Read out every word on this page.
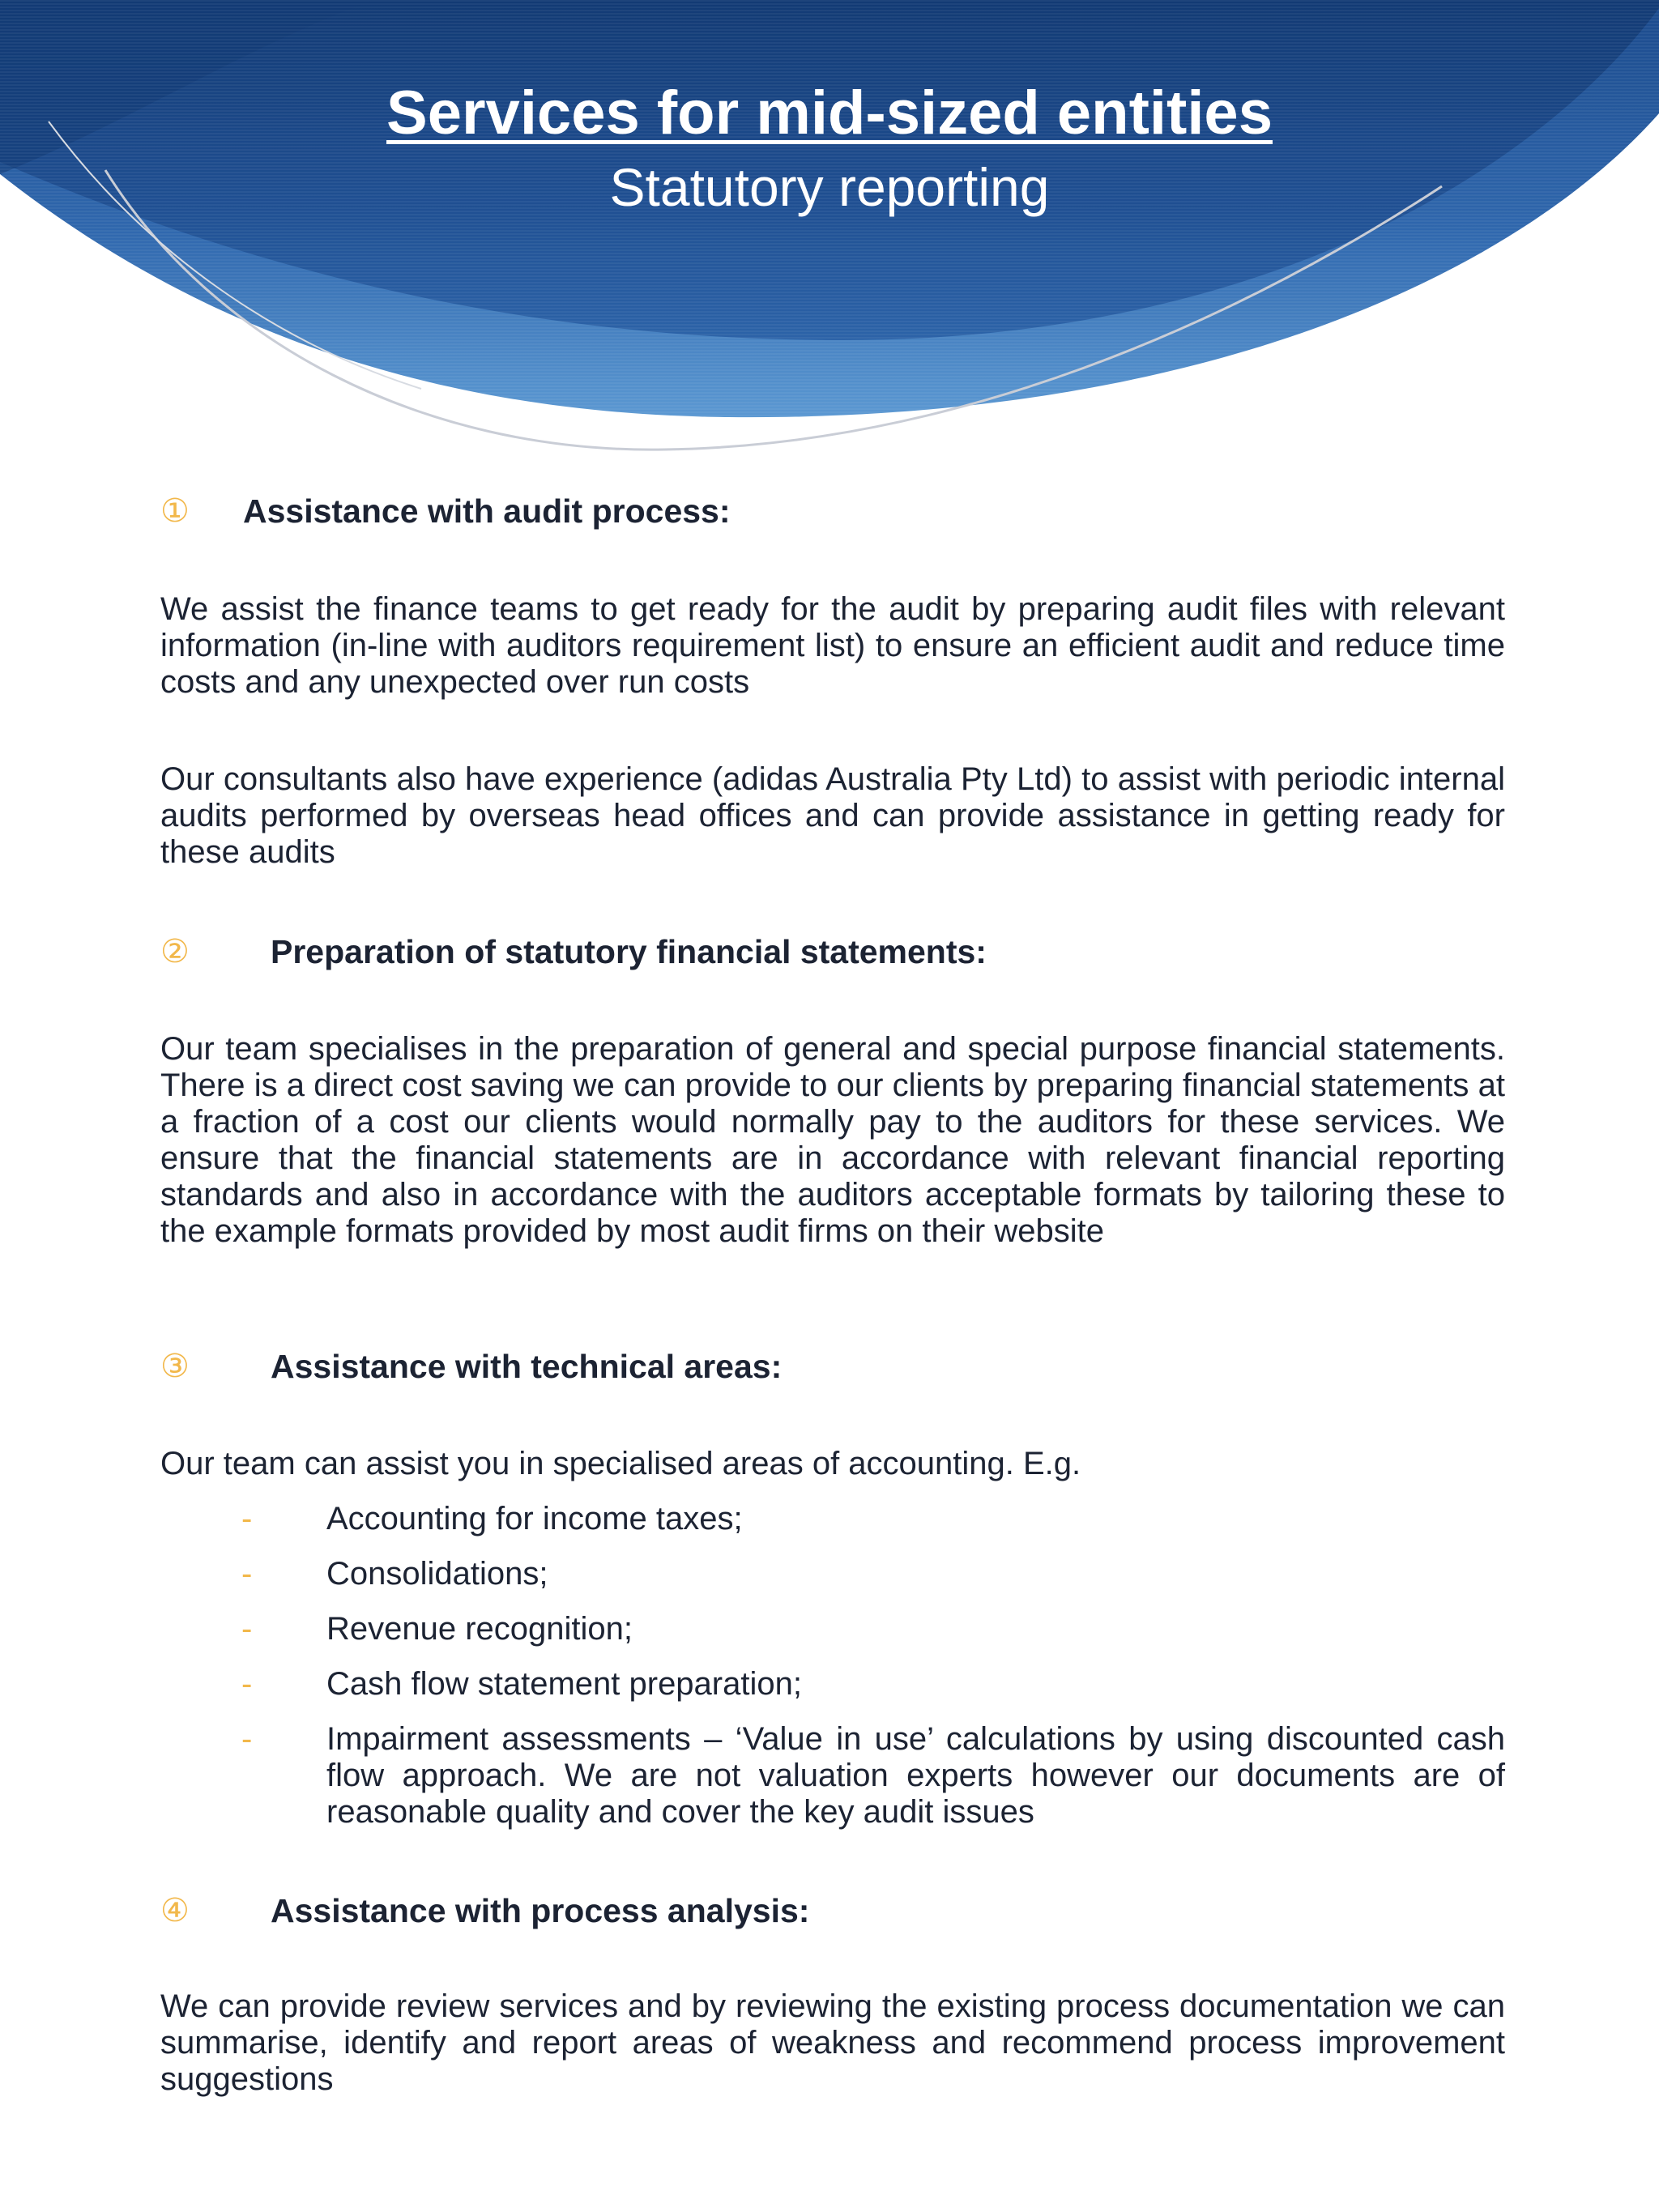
Services for mid-sized entities
Statutory reporting
① Assistance with audit process:

We assist the finance teams to get ready for the audit by preparing audit files with relevant information (in-line with auditors requirement list) to ensure an efficient audit and reduce time costs and any unexpected over run costs

Our consultants also have experience (adidas Australia Pty Ltd) to assist with periodic internal audits performed by overseas head offices and can provide assistance in getting ready for these audits

② Preparation of statutory financial statements:

Our team specialises in the preparation of general and special purpose financial statements. There is a direct cost saving we can provide to our clients by preparing financial statements at a fraction of a cost our clients would normally pay to the auditors for these services. We ensure that the financial statements are in accordance with relevant financial reporting standards and also in accordance with the auditors acceptable formats by tailoring these to the example formats provided by most audit firms on their website

③ Assistance with technical areas:

Our team can assist you in specialised areas of accounting. E.g.

- Accounting for income taxes;
- Consolidations;
- Revenue recognition;
- Cash flow statement preparation;
- Impairment assessments – ‘Value in use’ calculations by using discounted cash flow approach. We are not valuation experts however our documents are of reasonable quality and cover the key audit issues
④ Assistance with process analysis:

We can provide review services and by reviewing the existing process documentation we can summarise, identify and report areas of weakness and recommend process improvement suggestions
